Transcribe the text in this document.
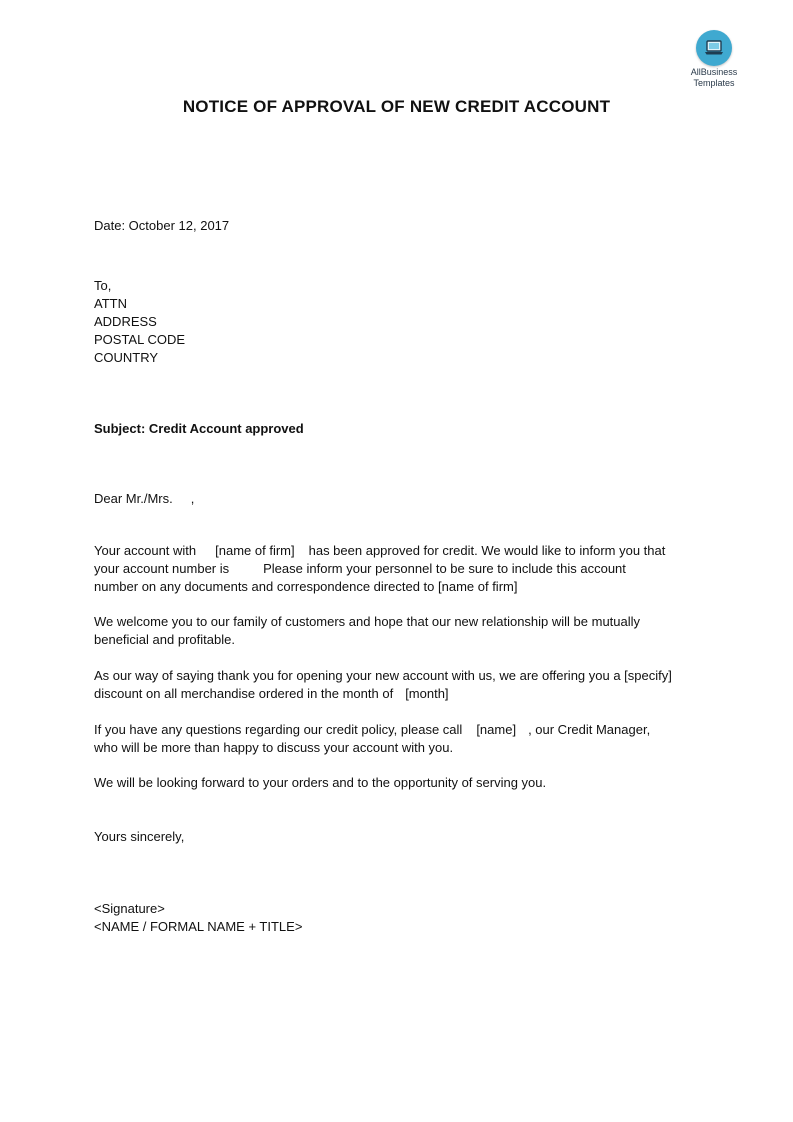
AllBusiness
Templates
NOTICE OF APPROVAL OF NEW CREDIT ACCOUNT
Date: October 12, 2017
To,
ATTN
ADDRESS
POSTAL CODE
COUNTRY
Subject: Credit Account approved
Dear Mr./Mrs. ,
Your account with [name of firm] has been approved for credit. We would like to inform you that
your account number is	Please inform your personnel to be sure to include this account
number on any documents and correspondence directed to [name of firm]
We welcome you to our family of customers and hope that our new relationship will be mutually
beneficial and profitable.
As our way of saying thank you for opening your new account with us, we are offering you a [specify]
discount on all merchandise ordered in the month of [month]
If you have any questions regarding our credit policy, please call [name] , our Credit Manager,
who will be more than happy to discuss your account with you.
We will be looking forward to your orders and to the opportunity of serving you.
Yours sincerely,
<Signature>
<NAME / FORMAL NAME + TITLE>
